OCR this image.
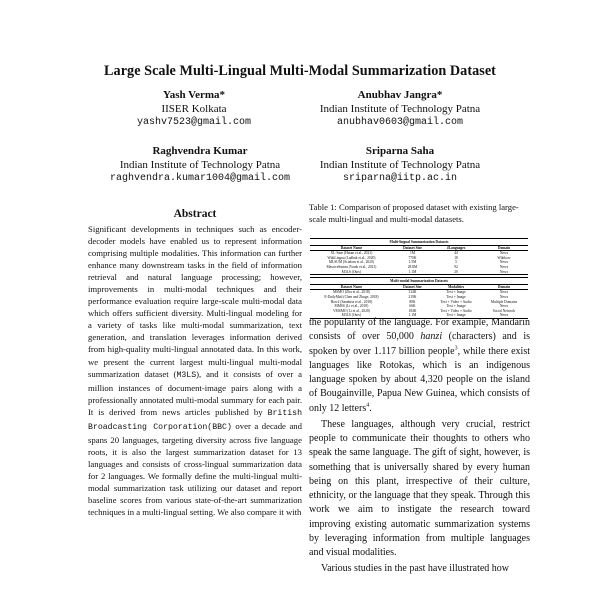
Large Scale Multi-Lingual Multi-Modal Summarization Dataset
Yash Verma*
IISER Kolkata
yashv7523@gmail.com
Anubhav Jangra*
Indian Institute of Technology Patna
anubhav0603@gmail.com
Raghvendra Kumar
Indian Institute of Technology Patna
raghvendra.kumar1004@gmail.com
Sriparna Saha
Indian Institute of Technology Patna
sriparna@iitp.ac.in
Abstract

Significant developments in techniques such as encoder-decoder models have enabled us to represent information comprising multiple modalities. This information can further enhance many downstream tasks in the field of information retrieval and natural language processing; however, improvements in multi-modal techniques and their performance evaluation require large-scale multi-modal data which offers sufficient diversity. Multi-lingual modeling for a variety of tasks like multi-modal summarization, text generation, and translation leverages information derived from high-quality multi-lingual annotated data. In this work, we present the current largest multi-lingual multi-modal summarization dataset (M3LS), and it consists of over a million instances of document-image pairs along with a professionally annotated multi-modal summary for each pair. It is derived from news articles published by British Broadcasting Corporation(BBC) over a decade and spans 20 languages, targeting diversity across five language roots, it is also the largest summarization dataset for 13 languages and consists of cross-lingual summarization data for 2 languages. We formally define the multi-lingual multi-modal summarization task utilizing our dataset and report baseline scores from various state-of-the-art summarization techniques in a multi-lingual setting. We also compare it with

Table 1: Comparison of proposed dataset with existing large-scale multi-lingual and multi-modal datasets.

Multi-lingual Summarization Datasets
Dataset Name	Dataset Size	#Languages	Domain
XL-Sum (Hasan et al., 2021)	1M	44	News
WikiLingua (Ladhak et al., 2020)	770K	18	Wikihow
MLSUM (Scialom et al., 2020)	1.5M	5	News
MassiveSumm (Varab et al., 2021)	28.8M	92	News
M3LS (Ours)	1.1M	20	News
Multi-modal Summarization Datasets
Dataset Name	Dataset Size	Modalities	Domain
MSMO (Zhu et al., 2018)	314K	Text + Image	News
E-DailyMail (Chen and Zhuge, 2018)	219K	Text + Image	News
How2 (Sanabria et al., 2018)	80K	Text + Video + Audio	Multiple Domains
MMSS (Li et al., 2018)	66K	Text + Image	News
VMSMO (Li et al., 2020)	184K	Text + Video + Audio	Social Network
M3LS (Ours)	1.1M	Text + Image	News

the popularity of the language. For example, Mandarin consists of over 50,000 hanzi (characters) and is spoken by over 1.117 billion people$^3$, while there exist languages like Rotokas, which is an indigenous language spoken by about 4,320 people on the island of Bougainville, Papua New Guinea, which consists of only 12 letters$^4$.

These languages, although very crucial, restrict people to communicate their thoughts to others who speak the same language. The gift of sight, however, is something that is universally shared by every human being on this plant, irrespective of their culture, ethnicity, or the language that they speak. Through this work we aim to instigate the research toward improving existing automatic summarization systems by leveraging information from multiple languages and visual modalities.

Various studies in the past have illustrated how
